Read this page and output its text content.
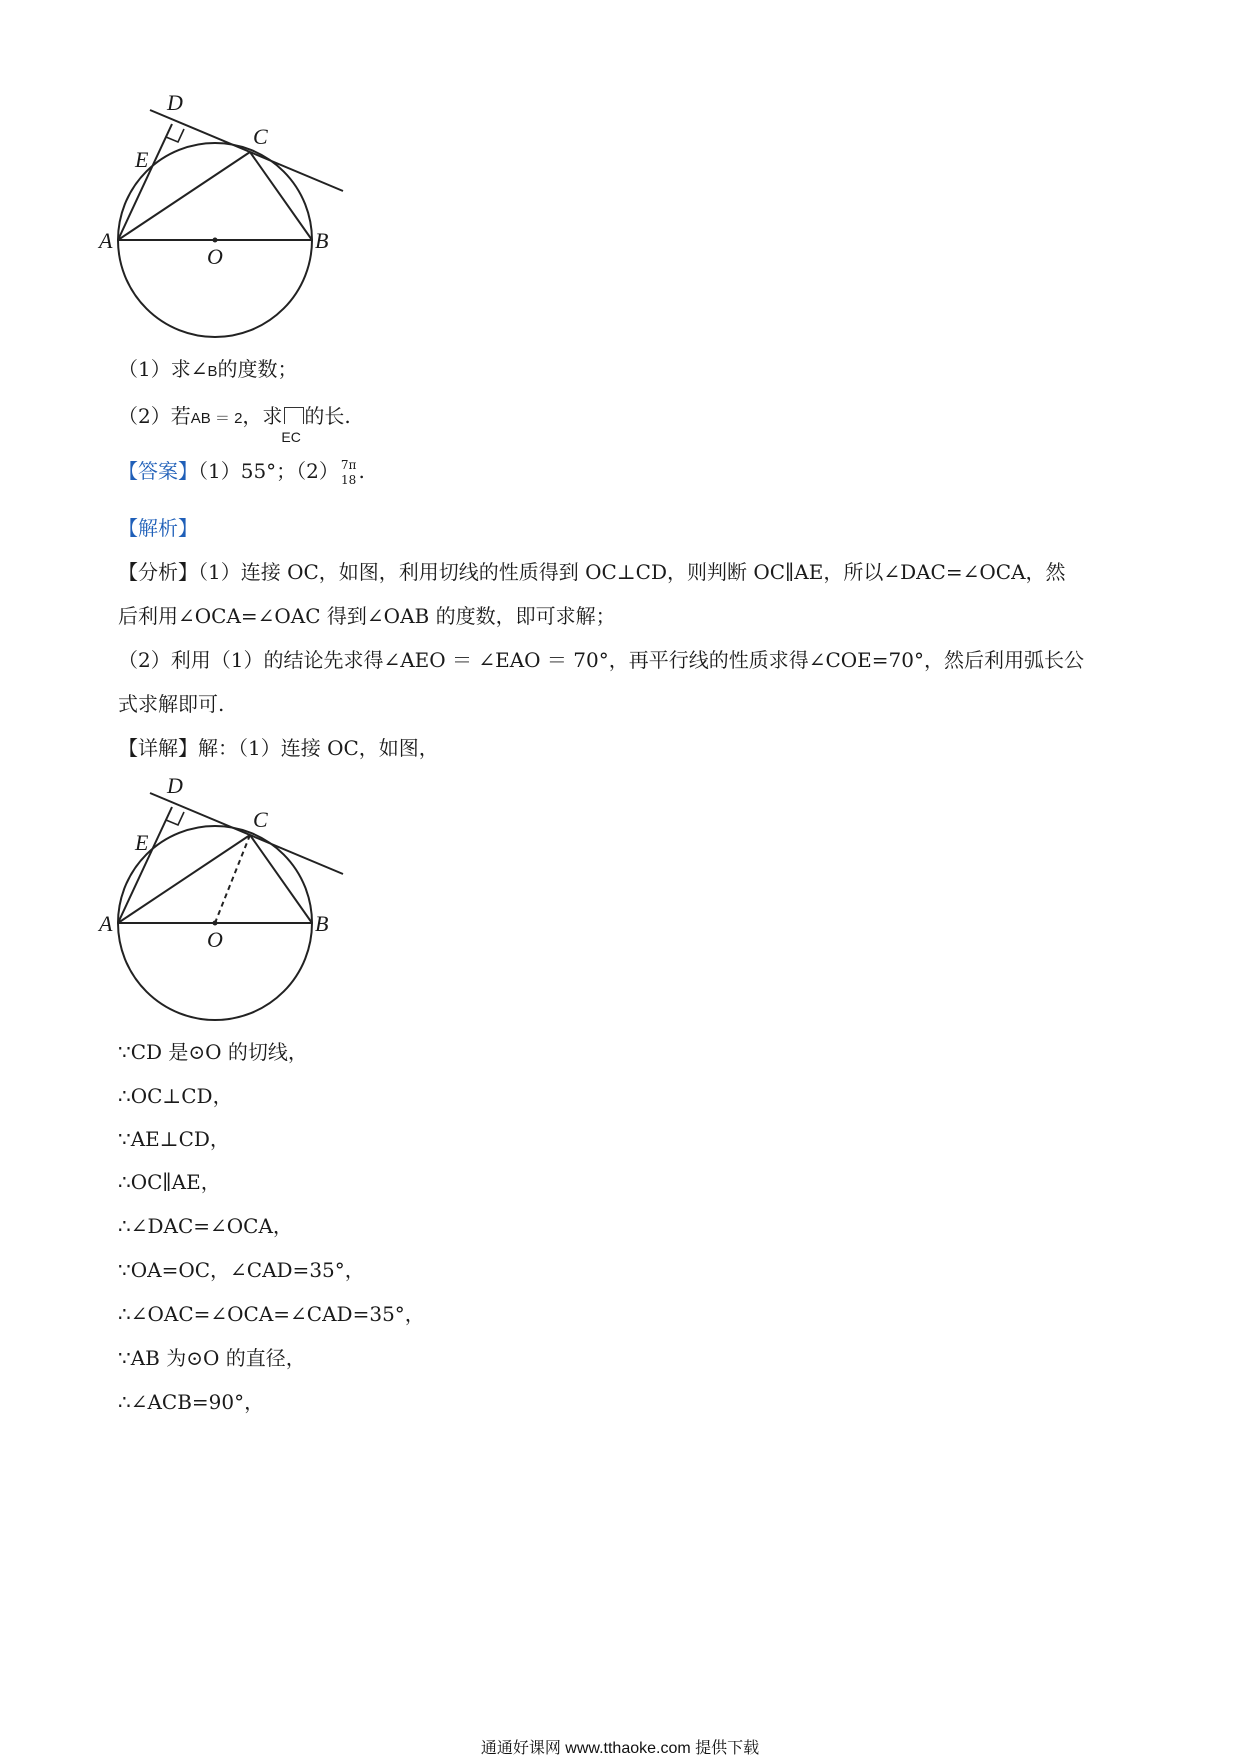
D
E
C
A
O
B
（1）求∠B的度数；
（2）若AB ＝ 2，求
EC
的长.
【答案】（1）55°；（2） 7π
18 .
【解析】
【分析】（1）连接 OC，如图，利用切线的性质得到 OC⊥CD，则判断 OC∥AE，所以∠DAC=∠OCA，然
后利用∠OCA=∠OAC 得到∠OAB 的度数，即可求解；
（2）利用（1）的结论先求得∠AEO ＝ ∠EAO ＝ 70°，再平行线的性质求得∠COE=70°，然后利用弧长公
式求解即可.
【详解】解：（1）连接 OC，如图，
D
E
C
A
O
B
∵CD 是⊙O 的切线，
∴OC⊥CD，
∵AE⊥CD，
∴OC∥AE，
∴∠DAC=∠OCA，
∵OA=OC，∠CAD=35°，
∴∠OAC=∠OCA=∠CAD=35°，
∵AB 为⊙O 的直径，
∴∠ACB=90°，
通通好课网 www.tthaoke.com 提供下载
